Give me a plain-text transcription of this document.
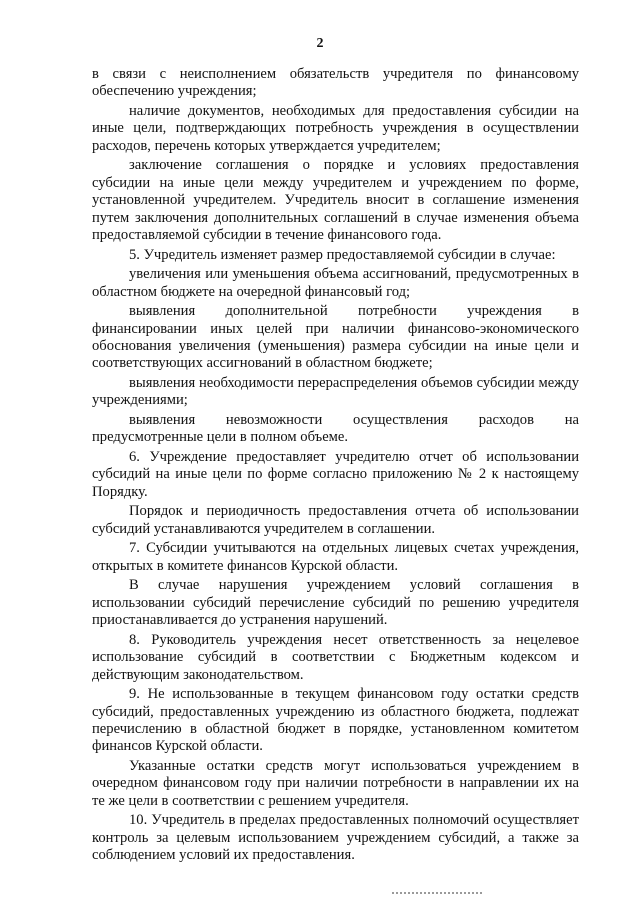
2

в связи с неисполнением обязательств учредителя по финансовому обеспечению учреждения;

наличие документов, необходимых для предоставления субсидии на иные цели, подтверждающих потребность учреждения в осуществлении расходов, перечень которых утверждается учредителем;

заключение соглашения о порядке и условиях предоставления субсидии на иные цели между учредителем и учреждением по форме, установленной учредителем. Учредитель вносит в соглашение изменения путем заключения дополнительных соглашений в случае изменения объема предоставляемой субсидии в течение финансового года.

5. Учредитель изменяет размер предоставляемой субсидии в случае:

увеличения или уменьшения объема ассигнований, предусмотренных в областном бюджете на очередной финансовый год;

выявления дополнительной потребности учреждения в финансировании иных целей при наличии финансово-экономического обоснования увеличения (уменьшения) размера субсидии на иные цели и соответствующих ассигнований в областном бюджете;

выявления необходимости перераспределения объемов субсидии между учреждениями;

выявления невозможности осуществления расходов на предусмотренные цели в полном объеме.

6. Учреждение предоставляет учредителю отчет об использовании субсидий на иные цели по форме согласно приложению № 2 к настоящему Порядку.

Порядок и периодичность предоставления отчета об использовании субсидий устанавливаются учредителем в соглашении.

7. Субсидии учитываются на отдельных лицевых счетах учреждения, открытых в комитете финансов Курской области.

В случае нарушения учреждением условий соглашения в использовании субсидий перечисление субсидий по решению учредителя приостанавливается до устранения нарушений.

8. Руководитель учреждения несет ответственность за нецелевое использование субсидий в соответствии с Бюджетным кодексом и действующим законодательством.

9. Не использованные в текущем финансовом году остатки средств субсидий, предоставленных учреждению из областного бюджета, подлежат перечислению в областной бюджет в порядке, установленном комитетом финансов Курской области.

Указанные остатки средств могут использоваться учреждением в очередном финансовом году при наличии потребности в направлении их на те же цели в соответствии с решением учредителя.

10. Учредитель в пределах предоставленных полномочий осуществляет контроль за целевым использованием учреждением субсидий, а также за соблюдением условий их предоставления.
